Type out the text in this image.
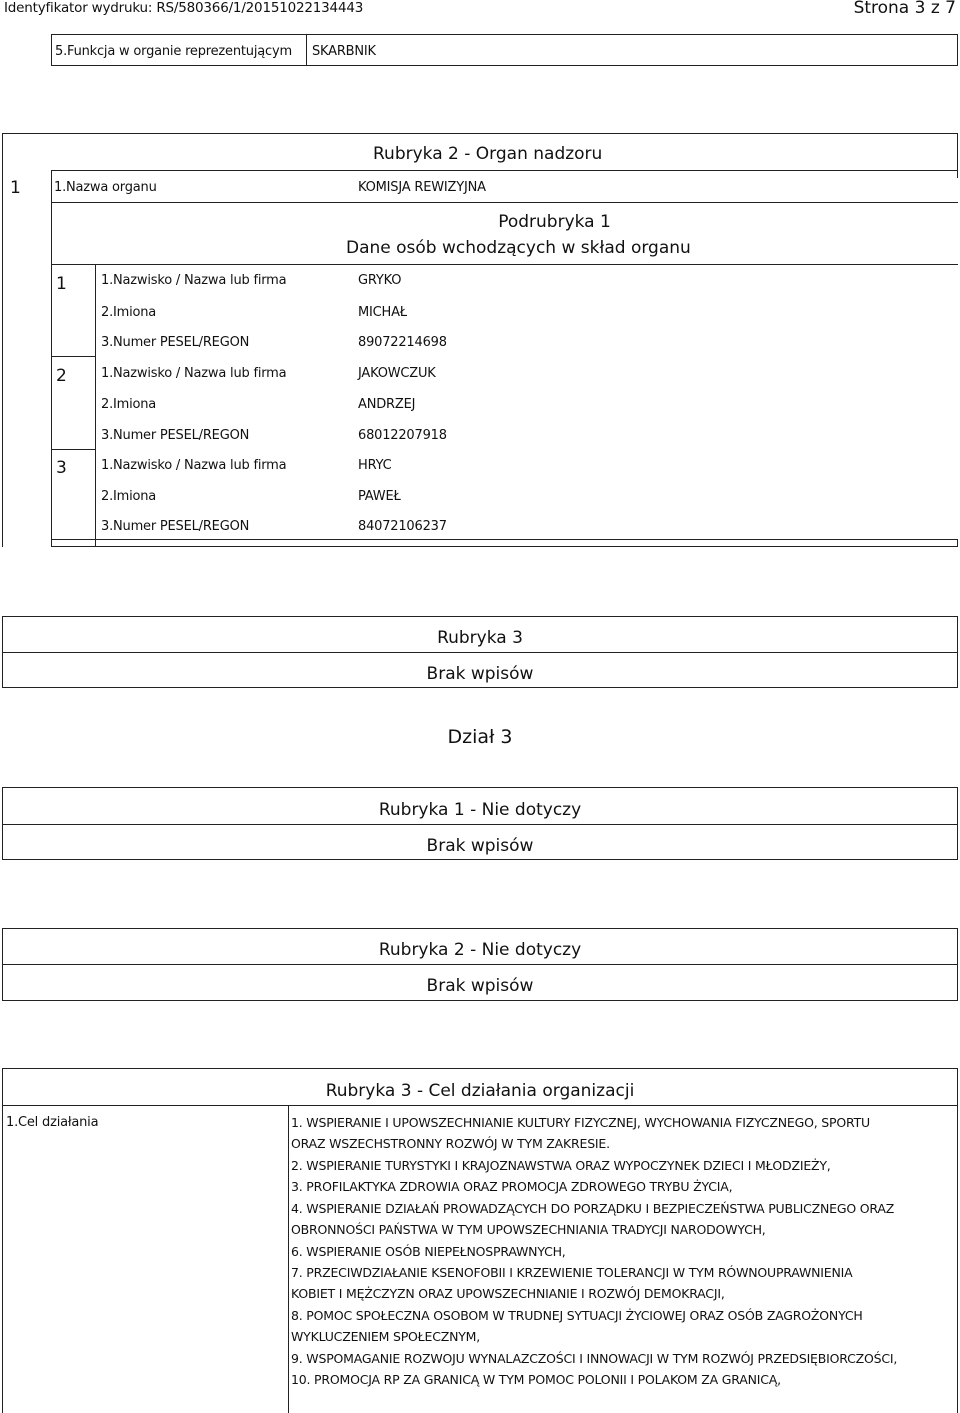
Identyfikator wydruku: RS/580366/1/20151022134443	Strona 3 z 7
5.Funkcja w organie reprezentującym SKARBNIK
Rubryka 2 - Organ nadzoru
1	1.Nazwa organu	KOMISJA REWIZYJNA
Podrubryka 1
Dane osób wchodzących w skład organu
1	1.Nazwisko / Nazwa lub firma	GRYKO
2.Imiona	MICHAŁ
3.Numer PESEL/REGON	89072214698
2	1.Nazwisko / Nazwa lub firma	JAKOWCZUK
2.Imiona	ANDRZEJ
3.Numer PESEL/REGON	68012207918
3	1.Nazwisko / Nazwa lub firma	HRYC
2.Imiona	PAWEŁ
3.Numer PESEL/REGON	84072106237
Rubryka 3
Brak wpisów
Dział 3
Rubryka 1 - Nie dotyczy
Brak wpisów
Rubryka 2 - Nie dotyczy
Brak wpisów
Rubryka 3 - Cel działania organizacji
1.Cel działania	1. WSPIERANIE I UPOWSZECHNIANIE KULTURY FIZYCZNEJ, WYCHOWANIA FIZYCZNEGO, SPORTU
ORAZ WSZECHSTRONNY ROZWÓJ W TYM ZAKRESIE.
2. WSPIERANIE TURYSTYKI I KRAJOZNAWSTWA ORAZ WYPOCZYNEK DZIECI I MŁODZIEŻY,
3. PROFILAKTYKA ZDROWIA ORAZ PROMOCJA ZDROWEGO TRYBU ŻYCIA,
4. WSPIERANIE DZIAŁAŃ PROWADZĄCYCH DO PORZĄDKU I BEZPIECZEŃSTWA PUBLICZNEGO ORAZ
OBRONNOŚCI PAŃSTWA W TYM UPOWSZECHNIANIA TRADYCJI NARODOWYCH,
6. WSPIERANIE OSÓB NIEPEŁNOSPRAWNYCH,
7. PRZECIWDZIAŁANIE KSENOFOBII I KRZEWIENIE TOLERANCJI W TYM RÓWNOUPRAWNIENIA
KOBIET I MĘŻCZYZN ORAZ UPOWSZECHNIANIE I ROZWÓJ DEMOKRACJI,
8. POMOC SPOŁECZNA OSOBOM W TRUDNEJ SYTUACJI ŻYCIOWEJ ORAZ OSÓB ZAGROŻONYCH
WYKLUCZENIEM SPOŁECZNYM,
9. WSPOMAGANIE ROZWOJU WYNALAZCZOŚCI I INNOWACJI W TYM ROZWÓJ PRZEDSIĘBIORCZOŚCI,
10. PROMOCJA RP ZA GRANICĄ W TYM POMOC POLONII I POLAKOM ZA GRANICĄ,
